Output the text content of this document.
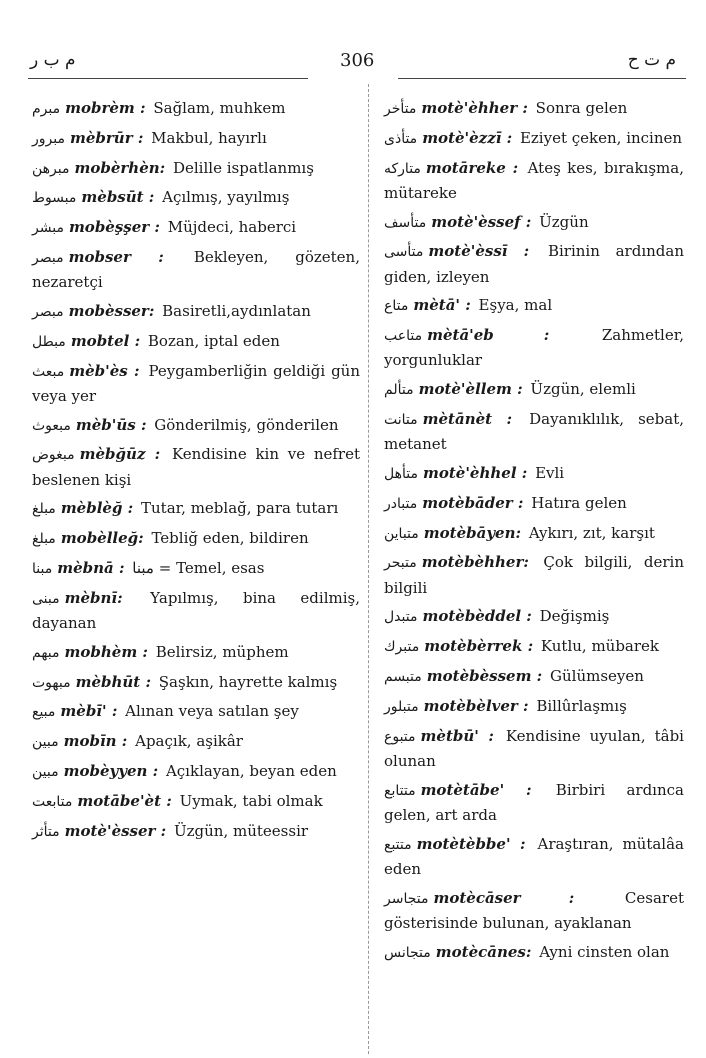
م ب ر	306	م ت ح
مبرم mobrèm : Sağlam, muhkem
مبرور mèbrūr : Makbul, hayırlı
مبرهن mobèrhèn: Delille ispatlanmış
مبسوط mèbsūt : Açılmış, yayılmış
مبشر mobèşşer : Müjdeci, haberci
مبصر mobser : Bekleyen, gözeten, nezaretçi
مبصر mobèsser: Basiretli,aydınlatan
مبطل mobtel : Bozan, iptal eden
مبعث mèb'ès : Peygamberliğin geldiği gün veya yer
مبعوث mèb'ūs : Gönderilmiş, gönderilen
مبغوض mèbğūz : Kendisine kin ve nefret beslenen kişi
مبلغ mèblèğ : Tutar, meblağ, para tutarı
مبلغ mobèlleğ: Tebliğ eden, bildiren
مبنا mèbnā : مبنا = Temel, esas
مبنى mèbnī: Yapılmış, bina edilmiş, dayanan
مبهم mobhèm : Belirsiz, müphem
مبهوت mèbhūt : Şaşkın, hayrette kalmış
مبيع mèbī' : Alınan veya satılan şey
مبين mobīn : Apaçık, aşikâr
مبين mobèyyen : Açıklayan, beyan eden
متابعت motābe'èt : Uymak, tabi olmak
متأثر motè'èsser : Üzgün, müteessir
متأخر motè'èhher : Sonra gelen
متأذى motè'èzzī : Eziyet çeken, incinen
متارکه motāreke : Ateş kes, bırakışma, mütareke
متأسف motè'èssef : Üzgün
متأسى motè'èssī : Birinin ardından giden, izleyen
متاع mètā' : Eşya, mal
متاعب mètā'eb :	Zahmetler, yorgunluklar
متألم motè'èllem : Üzgün, elemli
متانت mètānèt : Dayanıklılık, sebat, metanet
متأهل motè'èhhel : Evli
متبادر motèbāder : Hatıra gelen
متباين motèbāyen: Aykırı, zıt, karşıt
متبحر motèbèhher: Çok bilgili, derin bilgili
متبدل motèbèddel : Değişmiş
متبرك motèbèrrek : Kutlu, mübarek
متبسم motèbèssem : Gülümseyen
متبلور motèbèlver : Billûrlaşmış
متبوع mètbū' : Kendisine uyulan, tâbi olunan
متتابع motètābe' : Birbiri ardınca gelen, art arda
متتبع motètèbbe' : Araştıran, mütalâa eden
متجاسر motècāser :	Cesaret gösterisinde bulunan, ayaklanan
متجانس motècānes: Ayni cinsten olan
